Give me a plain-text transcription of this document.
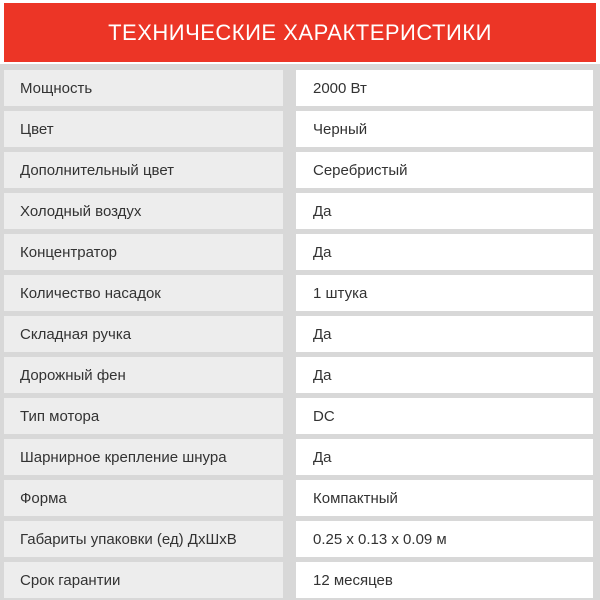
ТЕХНИЧЕСКИЕ ХАРАКТЕРИСТИКИ
Мощность	2000 Вт
Цвет	Черный
Дополнительный цвет	Серебристый
Холодный воздух	Да
Концентратор	Да
Количество насадок	1 штука
Складная ручка	Да
Дорожный фен	Да
Тип мотора	DC
Шарнирное крепление шнура	Да
Форма	Компактный
Габариты упаковки (ед) ДхШхВ	0.25 x 0.13 x 0.09 м
Срок гарантии	12 месяцев
